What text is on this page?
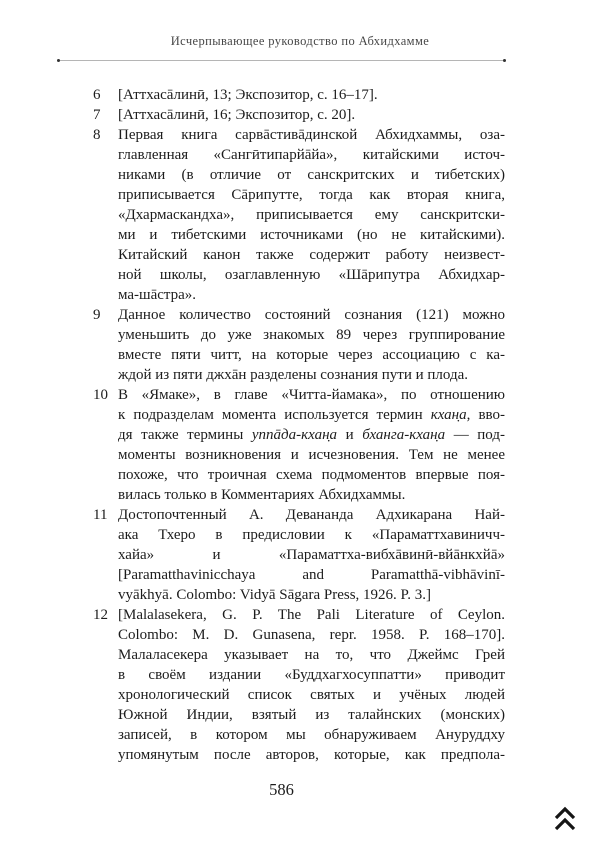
Исчерпывающее руководство по Абхидхамме
6	[Аттхасāлинӣ, 13; Экспозитор, с. 16–17].
7	[Аттхасāлинӣ, 16; Экспозитор, с. 20].
8	Первая книга сарвāстивāдинской Абхидхаммы, оза-
главленная «Сангӣтипарйāйа», китайскими источ-
никами (в отличие от санскритских и тибетских)
приписывается Сāрипутте, тогда как вторая книга,
«Дхармаскандха», приписывается ему санскритски-
ми и тибетскими источниками (но не китайскими).
Китайский канон также содержит работу неизвест-
ной школы, озаглавленную «Шāрипутра Абхидхар-
ма-шāстра».
9	Данное количество состояний сознания (121) можно
уменьшить до уже знакомых 89 через группирование
вместе пяти читт, на которые через ассоциацию с ка-
ждой из пяти джхāн разделены сознания пути и плода.
10 В «Ямаке», в главе «Читта-йамака», по отношению
к подразделам момента используется термин кхан̣а, вво-
дя также термины уппāда-кхан̣а и бханга-кхан̣а — под-
моменты возникновения и исчезновения. Тем не менее
похоже, что троичная схема подмоментов впервые поя-
вилась только в Комментариях Абхидхаммы.
11 Достопочтенный А. Девананда Адхикарана Най-
ака Тхеро в предисловии к «Параматтхавиничч-
хайа» и «Параматтха-вибхāвинӣ-вйāнкхйā»
[Paramatthavinicchaya and Paramatthā-vibhāvinī-
vyākhyā. Colombo: Vidyā Sāgara Press, 1926. P. 3.]
12 [Malalasekera, G. P. The Pali Literature of Ceylon.
Colombo: M. D. Gunasena, repr. 1958. P. 168–170].
Малаласекера указывает на то, что Джеймс Грей
в своём издании «Буддхагхосуппатти» приводит
хронологический список святых и учёных людей
Южной Индии, взятый из талайнских (монских)
записей, в котором мы обнаруживаем Ануруддху
упомянутым после авторов, которые, как предпола-
586
